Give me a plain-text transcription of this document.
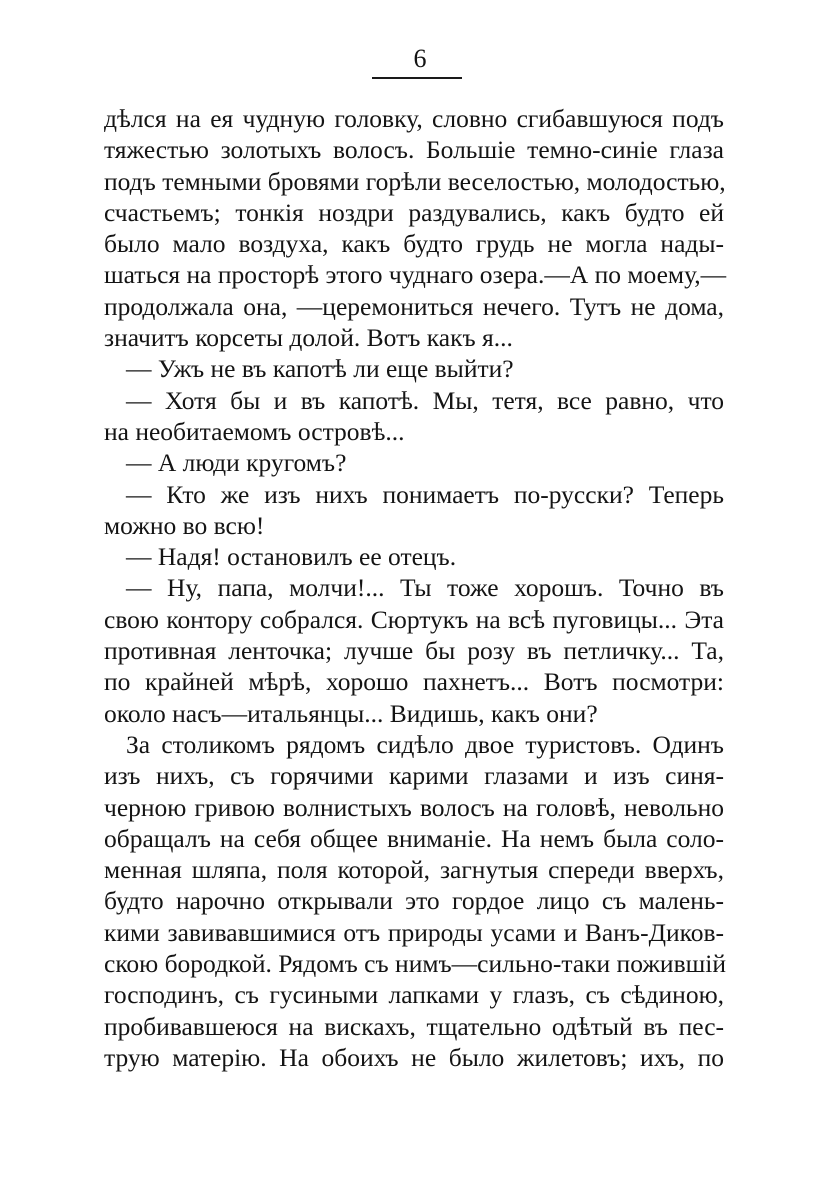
6
дѣлся на ея чудную головку, словно сгибавшуюся подъ
тяжестью золотыхъ волосъ. Большiе темно-синiе глаза
подъ темными бровями горѣли веселостью, молодостью,
счастьемъ; тонкiя ноздри раздувались, какъ будто ей
было мало воздуха, какъ будто грудь не могла нады-
шаться на просторѣ этого чуднаго озера.—А по моему,—
продолжала она, —церемониться нечего. Тутъ не дома,
значитъ корсеты долой. Вотъ какъ я...
— Ужъ не въ капотѣ ли еще выйти?
— Хотя бы и въ капотѣ. Мы, тетя, все равно, что
на необитаемомъ островѣ...
— А люди кругомъ?
— Кто же изъ нихъ понимаетъ по-русски? Теперь
можно во всю!
— Надя! остановилъ ее отецъ.
— Ну, папа, молчи!... Ты тоже хорошъ. Точно въ
свою контору собрался. Сюртукъ на всѣ пуговицы... Эта
противная ленточка; лучше бы розу въ петличку... Та,
по крайней мѣрѣ, хорошо пахнетъ... Вотъ посмотри:
около насъ—итальянцы... Видишь, какъ они?
За столикомъ рядомъ сидѣло двое туристовъ. Одинъ
изъ нихъ, съ горячими карими глазами и изъ синя-
черною гривою волнистыхъ волосъ на головѣ, невольно
обращалъ на себя общее вниманiе. На немъ была соло-
менная шляпа, поля которой, загнутыя спереди вверхъ,
будто нарочно открывали это гордое лицо съ малень-
кими завивавшимися отъ природы усами и Ванъ-Диков-
скою бородкой. Рядомъ съ нимъ—сильно-таки пожившiй
господинъ, съ гусиными лапками у глазъ, съ сѣдиною,
пробивавшеюся на вискахъ, тщательно одѣтый въ пес-
трую матерiю. На обоихъ не было жилетовъ; ихъ, по
